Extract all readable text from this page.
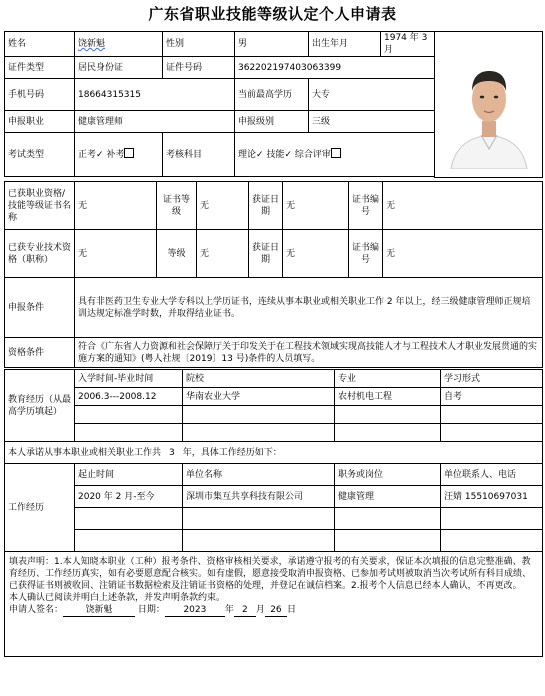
广东省职业技能等级认定个人申请表
姓名	饶新魁	性别	男	出生年月	1974 年 3 月	

证件类型	居民身份证	证件号码	362202197403063399			
手机号码	18664315315		当前最高学历	大专		
申报职业	健康管理师		申报级别	三级		
考试类型	正考✓ 补考	考核科目	理论✓ 技能✓ 综合评审			

已获职业资格/技能等级证书名称	无	证书等级	无	获证日期	无	证书编号	无
已获专业技术资格（职称）	无	等级	无	获证日期	无	证书编号	无
申报条件	具有非医药卫生专业大学专科以上学历证书，连续从事本职业或相关职业工作 2 年以上，经三级健康管理师正规培训达规定标准学时数，并取得结业证书。						
资格条件	符合《广东省人力资源和社会保障厅关于印发关于在工程技术领域实现高技能人才与工程技术人才职业发展贯通的实施方案的通知》(粤人社规〔2019〕13 号)条件的人员填写。						
教育经历（从最高学历填起）	入学时间-毕业时间	院校	专业	学习形式
	2006.3---2008.12	华南农业大学	农村机电工程	自考

本人承诺从事本职业或相关职业工作共 3 年，具体工作经历如下：				
工作经历	起止时间	单位名称	职务或岗位	单位联系人、电话
	2020 年 2 月-至今	深圳市集互共享科技有限公司	健康管理	汪婧 15510697031

填表声明：1.本人知晓本职业（工种）报考条件、资格审核相关要求，承诺遵守报考的有关要求，保证本次填报的信息完整准确、教育经历、工作经历真实，如有必要愿意配合核实。如有虚假，愿意接受取消申报资格、已参加考试则被取消当次考试所有科目成绩、已获得证书则被收回、注销证书数据检索及注销证书资格的处理，并登记在诚信档案。2.报考个人信息已经本人确认，不再更改。
本人确认已阅读并明白上述条款，并发声明条款约束。
申请人签名： 饶新魁 日期： 2023 年 2 月 26 日				
